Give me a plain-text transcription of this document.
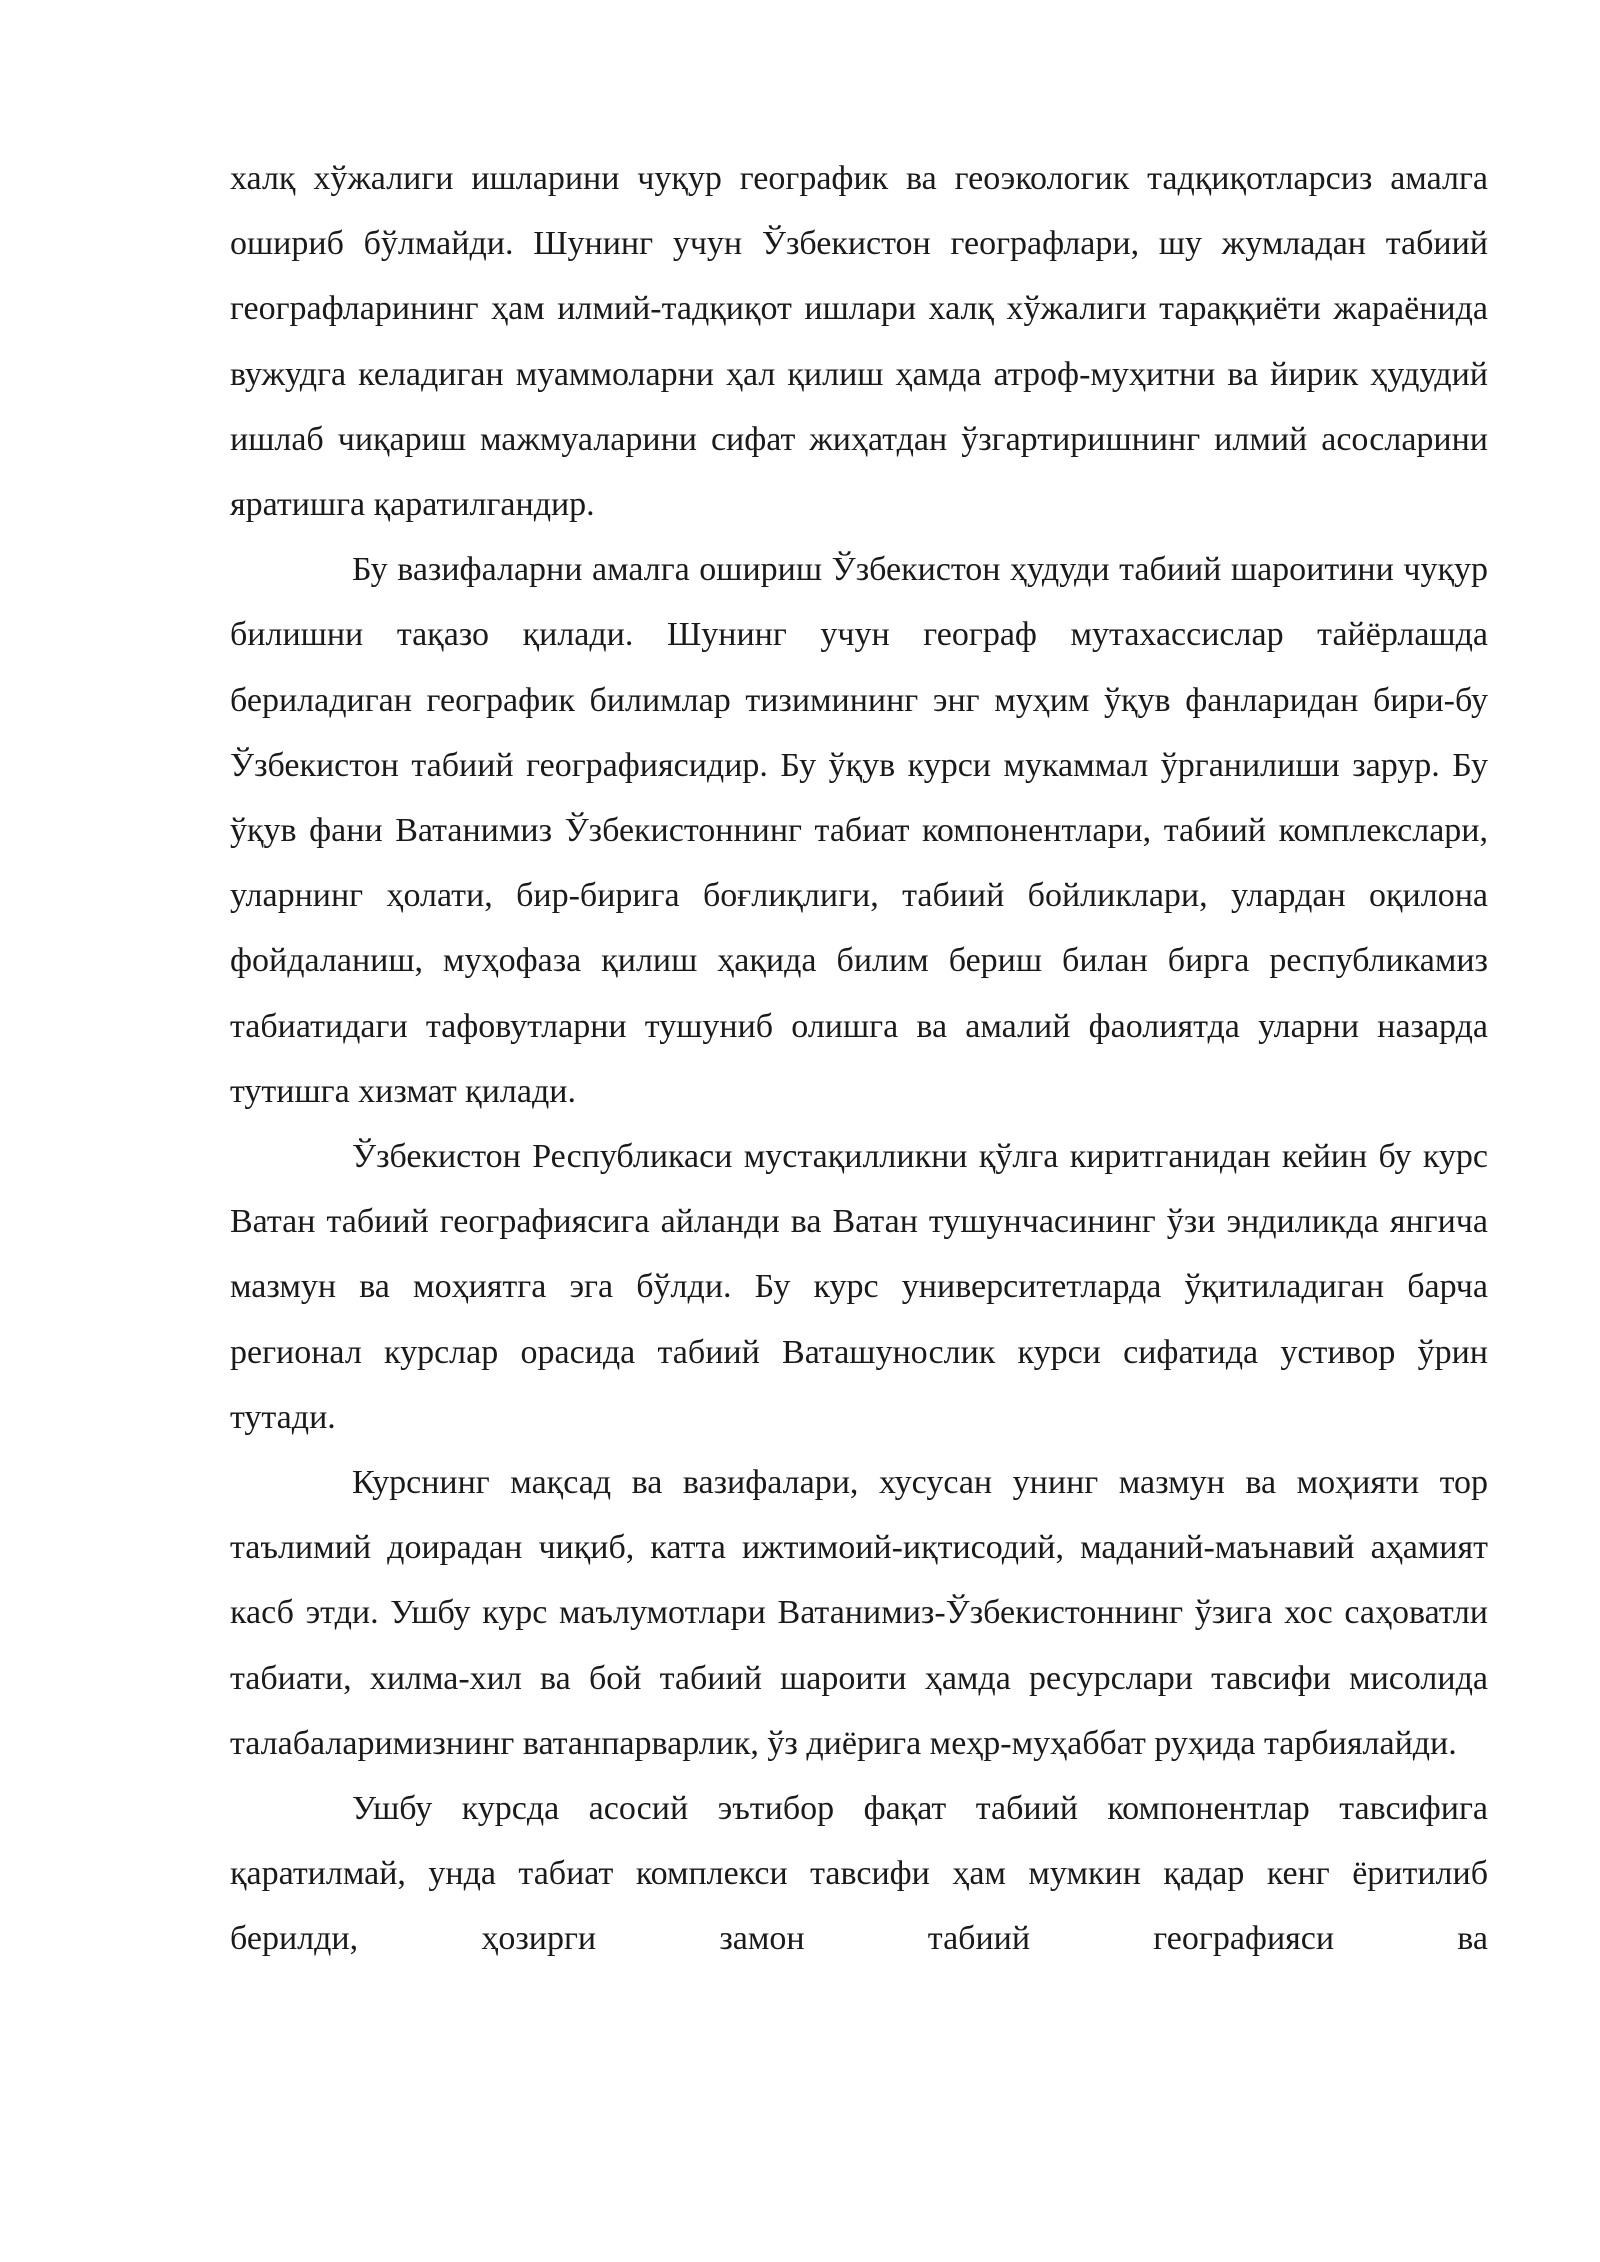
халқ хўжалиги ишларини чуқур географик ва геоэкологик тадқиқотларсиз амалга ошириб бўлмайди. Шунинг учун Ўзбекистон географлари, шу жумладан табиий географларининг ҳам илмий-тадқиқот ишлари халқ хўжалиги тараққиёти жараёнида вужудга келадиган муаммоларни ҳал қилиш ҳамда атроф-муҳитни ва йирик ҳудудий ишлаб чиқариш мажмуаларини сифат жиҳатдан ўзгартиришнинг илмий асосларини яратишга қаратилгандир.

Бу вазифаларни амалга ошириш Ўзбекистон ҳудуди табиий шароитини чуқур билишни тақазо қилади. Шунинг учун географ мутахассислар тайёрлашда бериладиган географик билимлар тизимининг энг муҳим ўқув фанларидан бири-бу Ўзбекистон табиий географиясидир. Бу ўқув курси мукаммал ўрганилиши зарур. Бу ўқув фани Ватанимиз Ўзбекистоннинг табиат компонентлари, табиий комплекслари, уларнинг ҳолати, бир-бирига боғлиқлиги, табиий бойликлари, улардан оқилона фойдаланиш, муҳофаза қилиш ҳақида билим бериш билан бирга республикамиз табиатидаги тафовутларни тушуниб олишга ва амалий фаолиятда уларни назарда тутишга хизмат қилади.

Ўзбекистон Республикаси мустақилликни қўлга киритганидан кейин бу курс Ватан табиий географиясига айланди ва Ватан тушунчасининг ўзи эндиликда янгича мазмун ва моҳиятга эга бўлди. Бу курс университетларда ўқитиладиган барча регионал курслар орасида табиий Ваташунослик курси сифатида устивор ўрин тутади.

Курснинг мақсад ва вазифалари, хусусан унинг мазмун ва моҳияти тор таълимий доирадан чиқиб, катта ижтимоий-иқтисодий, маданий-маънавий аҳамият касб этди. Ушбу курс маълумотлари Ватанимиз-Ўзбекистоннинг ўзига хос саҳоватли табиати, хилма-хил ва бой табиий шароити ҳамда ресурслари тавсифи мисолида талабаларимизнинг ватанпарварлик, ўз диёрига меҳр-муҳаббат руҳида тарбиялайди.

Ушбу курсда асосий эътибор фақат табиий компонентлар тавсифига қаратилмай, унда табиат комплекси тавсифи ҳам мумкин қадар кенг ёритилиб берилди, ҳозирги замон табиий географияси ва
